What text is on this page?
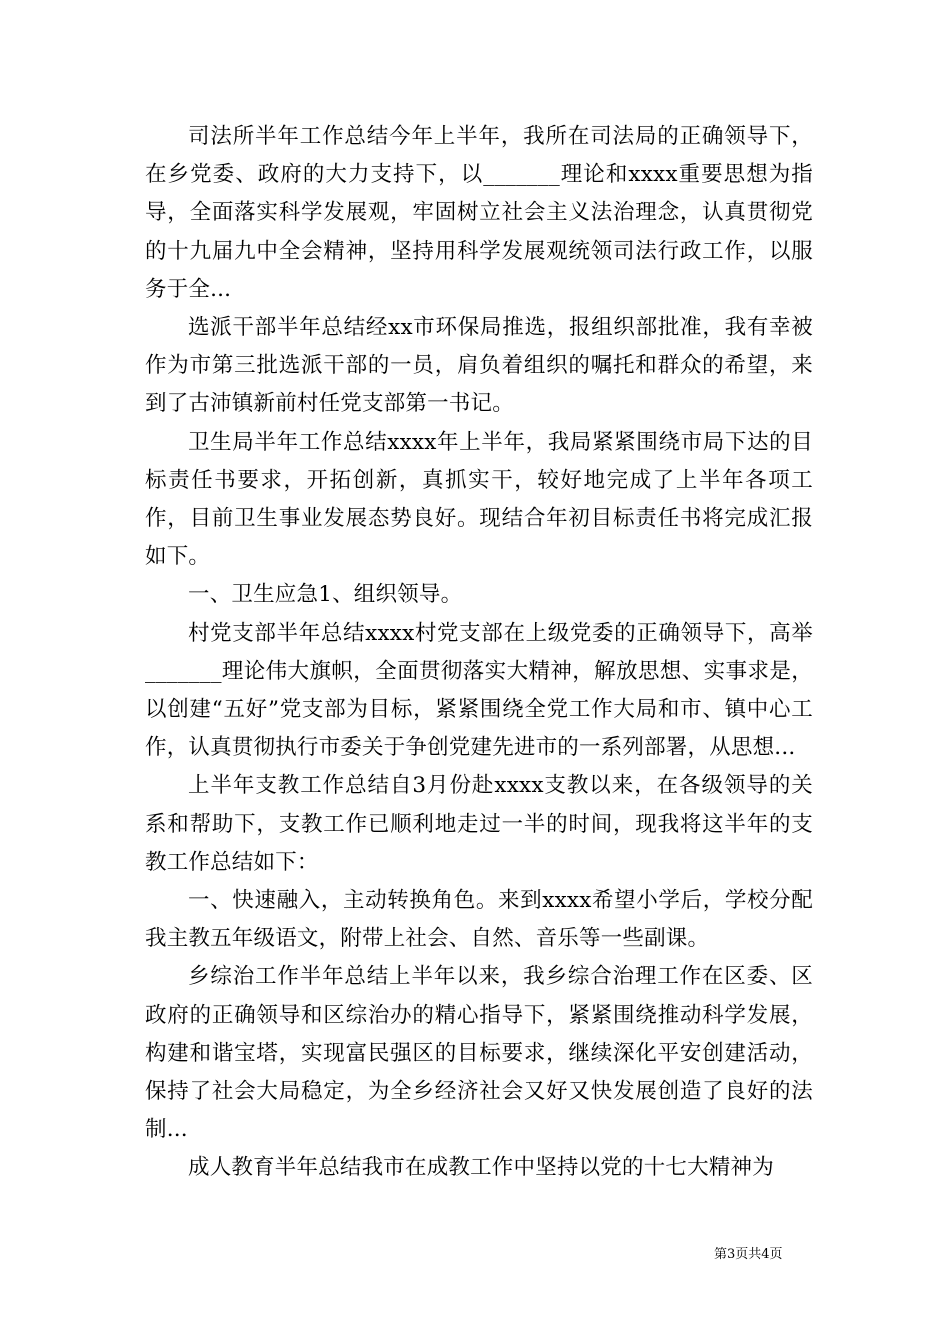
司法所半年工作总结今年上半年，我所在司法局的正确领导下，在乡党委、政府的大力支持下，以_______理论和xxxx重要思想为指导，全面落实科学发展观，牢固树立社会主义法治理念，认真贯彻党的十九届九中全会精神，坚持用科学发展观统领司法行政工作，以服务于全...

选派干部半年总结经xx市环保局推选，报组织部批准，我有幸被作为市第三批选派干部的一员，肩负着组织的嘱托和群众的希望，来到了古沛镇新前村任党支部第一书记。

卫生局半年工作总结xxxx年上半年，我局紧紧围绕市局下达的目标责任书要求，开拓创新，真抓实干，较好地完成了上半年各项工作，目前卫生事业发展态势良好。现结合年初目标责任书将完成汇报如下。

一、卫生应急1、组织领导。

村党支部半年总结xxxx村党支部在上级党委的正确领导下，高举_______理论伟大旗帜，全面贯彻落实大精神，解放思想、实事求是，以创建“五好”党支部为目标，紧紧围绕全党工作大局和市、镇中心工作，认真贯彻执行市委关于争创党建先进市的一系列部署，从思想...

上半年支教工作总结自3月份赴xxxx支教以来，在各级领导的关系和帮助下，支教工作已顺利地走过一半的时间，现我将这半年的支教工作总结如下：

一、快速融入，主动转换角色。来到xxxx希望小学后，学校分配我主教五年级语文，附带上社会、自然、音乐等一些副课。

乡综治工作半年总结上半年以来，我乡综合治理工作在区委、区政府的正确领导和区综治办的精心指导下，紧紧围绕推动科学发展，构建和谐宝塔，实现富民强区的目标要求，继续深化平安创建活动，保持了社会大局稳定，为全乡经济社会又好又快发展创造了良好的法制...

成人教育半年总结我市在成教工作中坚持以党的十七大精神为

第3页共4页
